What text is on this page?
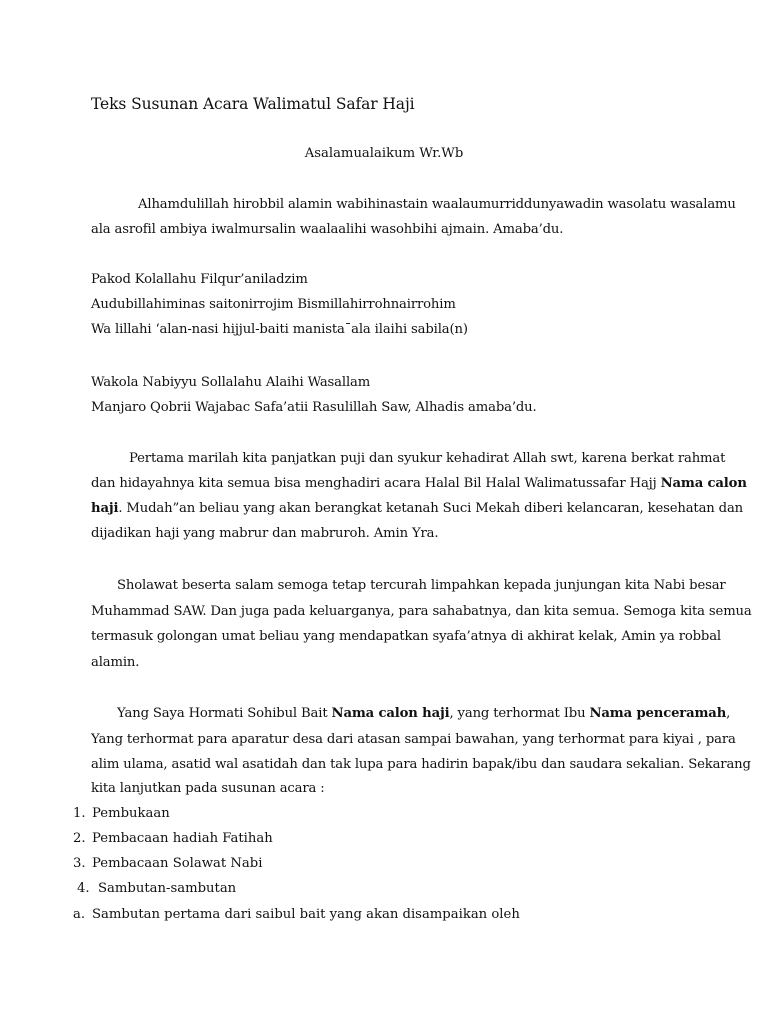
Teks Susunan Acara Walimatul Safar Haji
Asalamualaikum Wr.Wb
Alhamdulillah hirobbil alamin wabihinastain waalaumurriddunyawadin wasolatu wasalamu
ala asrofil ambiya iwalmursalin waalaalihi wasohbihi ajmain. Amaba’du.
Pakod Kolallahu Filqur’aniladzim
Audubillahiminas saitonirrojim Bismillahirrohnairrohim
Wa lillahi ‘alan-nasi hijjul-baiti manista¯ala ilaihi sabila(n)
Wakola Nabiyyu Sollalahu Alaihi Wasallam
Manjaro Qobrii Wajabac Safa’atii Rasulillah Saw, Alhadis amaba’du.
Pertama marilah kita panjatkan puji dan syukur kehadirat Allah swt, karena berkat rahmat
dan hidayahnya kita semua bisa menghadiri acara Halal Bil Halal Walimatussafar Hajj Nama calon
haji. Mudah”an beliau yang akan berangkat ketanah Suci Mekah diberi kelancaran, kesehatan dan
dijadikan haji yang mabrur dan mabruroh. Amin Yra.
Sholawat beserta salam semoga tetap tercurah limpahkan kepada junjungan kita Nabi besar
Muhammad SAW. Dan juga pada keluarganya, para sahabatnya, dan kita semua. Semoga kita semua
termasuk golongan umat beliau yang mendapatkan syafa’atnya di akhirat kelak, Amin ya robbal
alamin.
Yang Saya Hormati Sohibul Bait Nama calon haji, yang terhormat Ibu Nama penceramah,
Yang terhormat para aparatur desa dari atasan sampai bawahan, yang terhormat para kiyai , para
alim ulama, asatid wal asatidah dan tak lupa para hadirin bapak/ibu dan saudara sekalian. Sekarang
kita lanjutkan pada susunan acara :
1. Pembukaan
2. Pembacaan hadiah Fatihah
3. Pembacaan Solawat Nabi
4. Sambutan-sambutan
a. Sambutan pertama dari saibul bait yang akan disampaikan oleh
